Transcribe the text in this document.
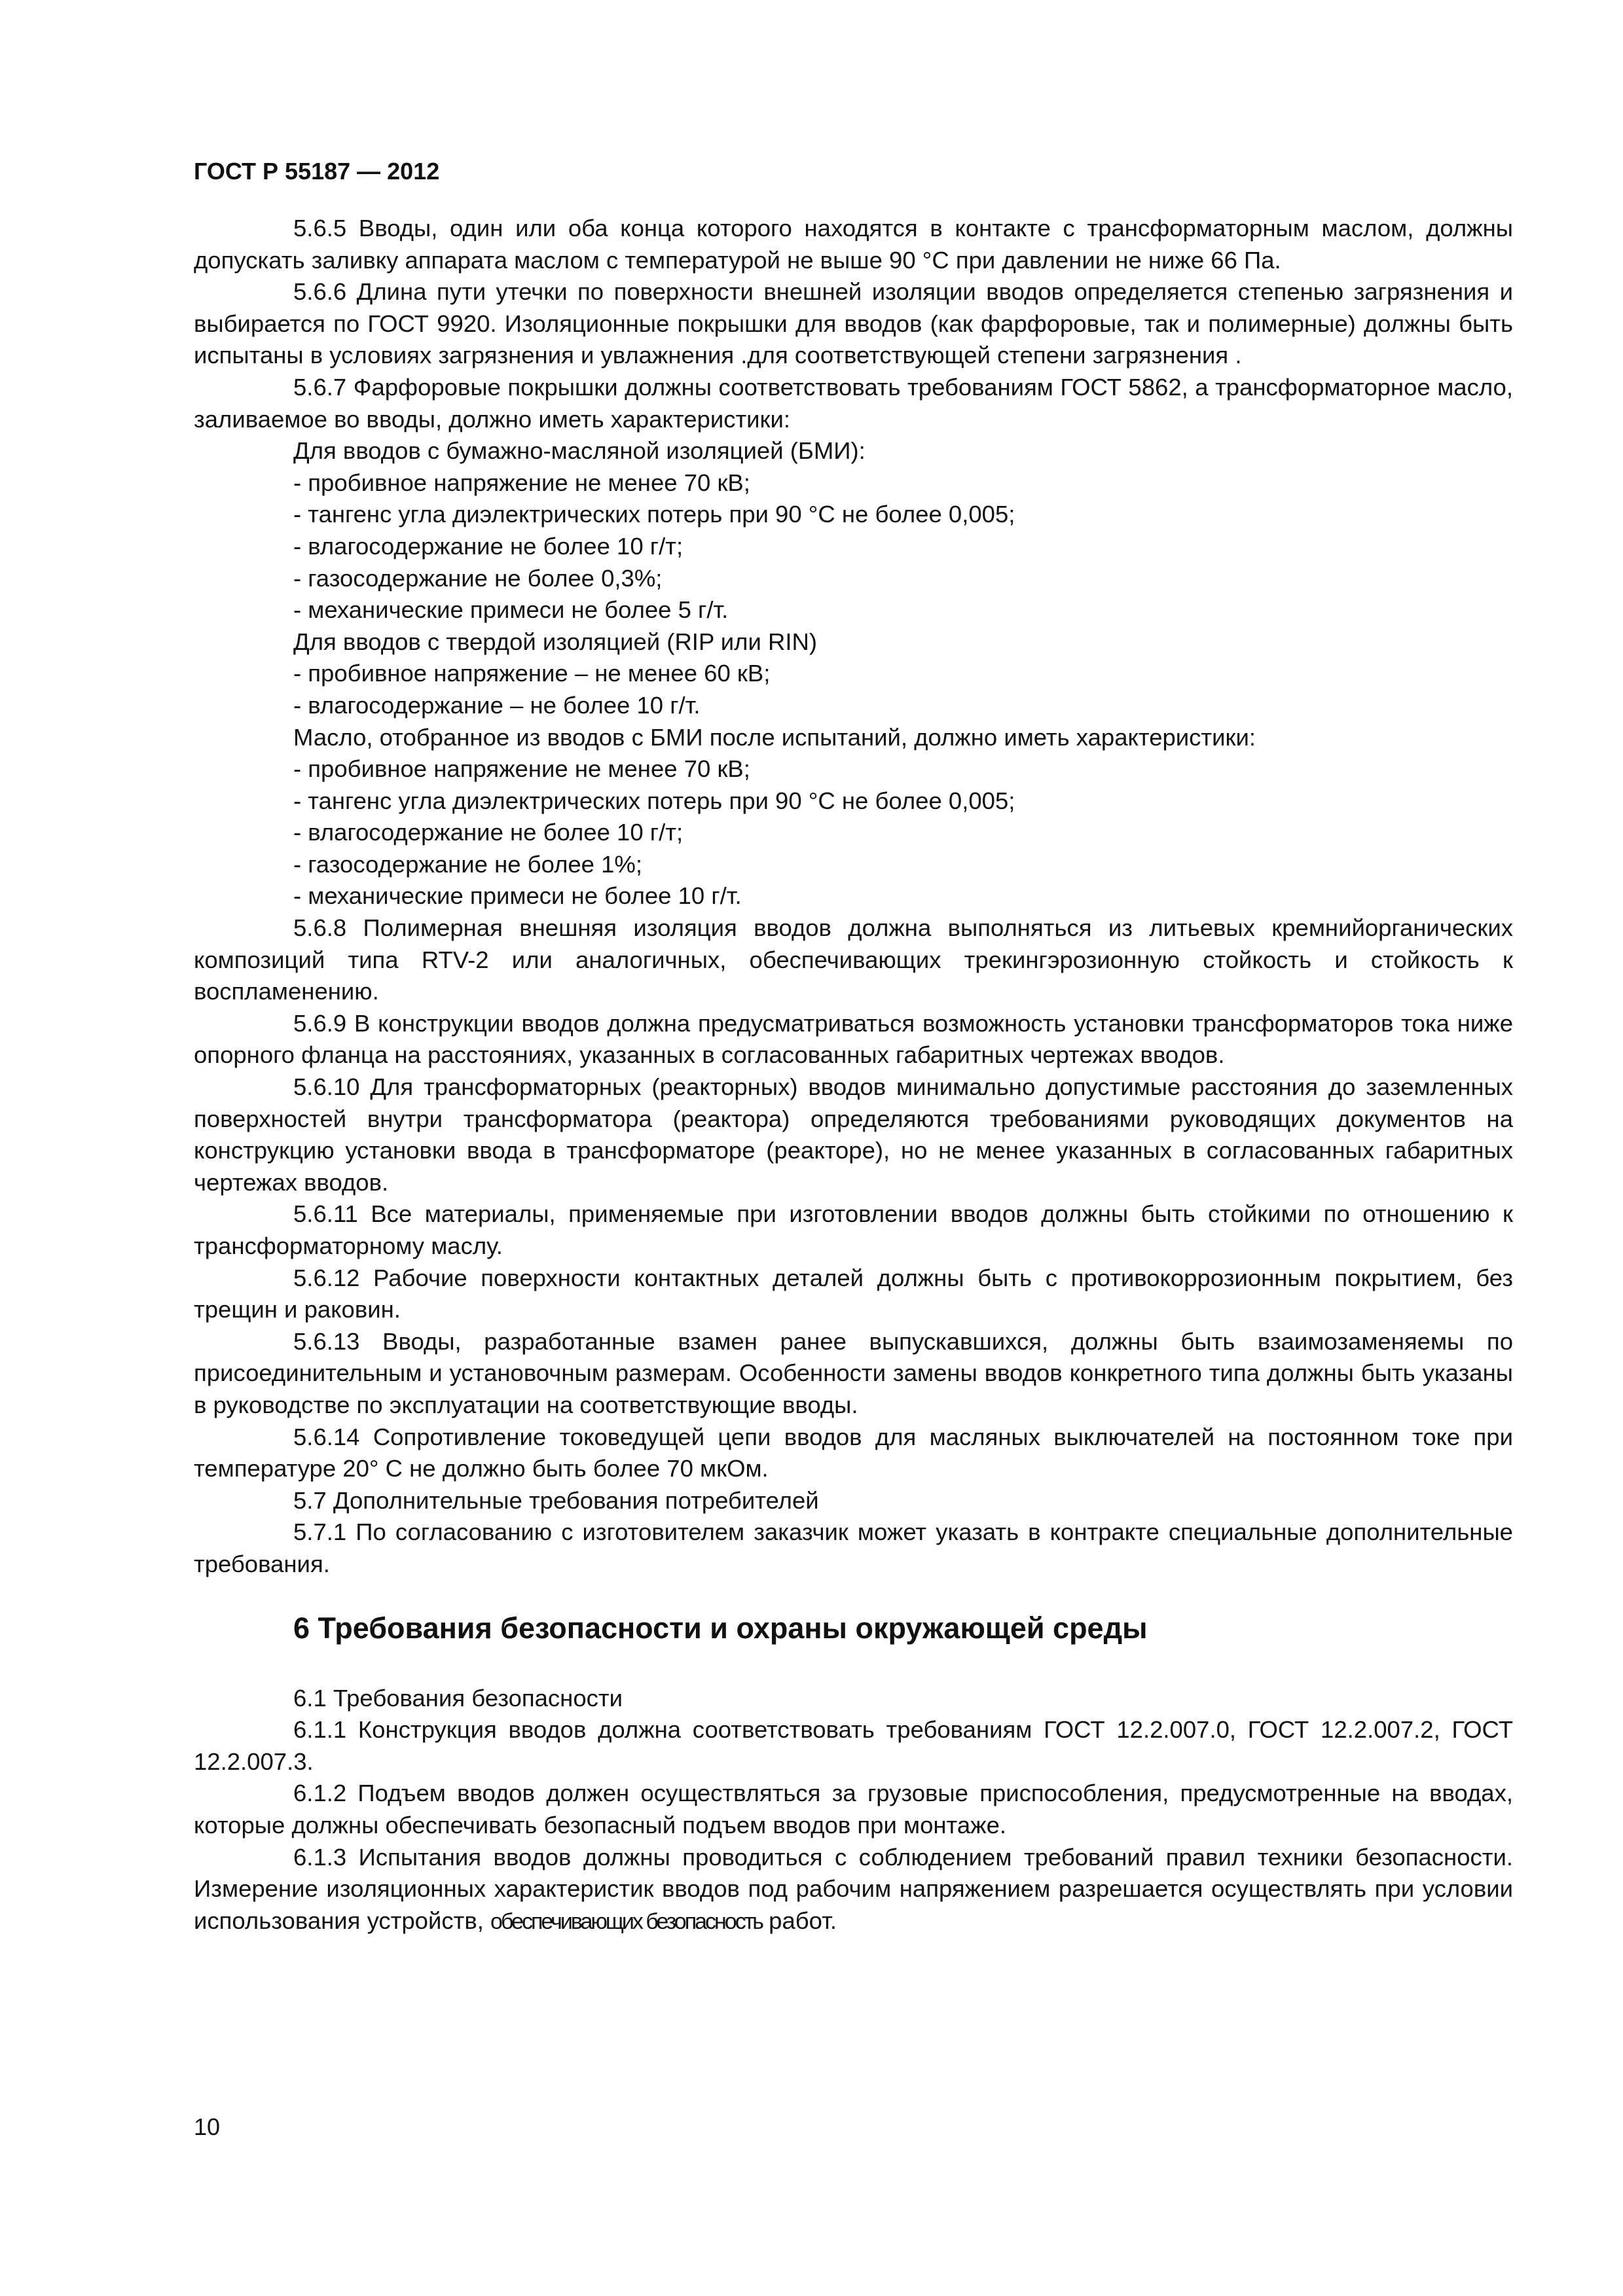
ГОСТ Р 55187 — 2012

5.6.5 Вводы, один или оба конца которого находятся в контакте с трансформаторным маслом, должны допускать заливку аппарата маслом с температурой не выше 90 °С при давлении не ниже 66 Па.

5.6.6 Длина пути утечки по поверхности внешней изоляции вводов определяется степенью загрязнения и выбирается по ГОСТ 9920. Изоляционные покрышки для вводов (как фарфоровые, так и полимерные) должны быть испытаны в условиях загрязнения и увлажнения .для соответствующей степени загрязнения .

5.6.7 Фарфоровые покрышки должны соответствовать требованиям ГОСТ 5862, а трансформаторное масло, заливаемое во вводы, должно иметь характеристики:

Для вводов с бумажно-масляной изоляцией (БМИ):

- пробивное напряжение не менее 70 кВ;

- тангенс угла диэлектрических потерь при 90 °С не более 0,005;

- влагосодержание не более 10 г/т;

- газосодержание не более 0,3%;

- механические примеси не более 5 г/т.

Для вводов с твердой изоляцией (RIP или RIN)

- пробивное напряжение – не менее 60 кВ;

- влагосодержание – не более 10 г/т.

Масло, отобранное из вводов с БМИ после испытаний, должно иметь характеристики:

- пробивное напряжение не менее 70 кВ;

- тангенс угла диэлектрических потерь при 90 °С не более 0,005;

- влагосодержание не более 10 г/т;

- газосодержание не более 1%;

- механические примеси не более 10 г/т.

5.6.8 Полимерная внешняя изоляция вводов должна выполняться из литьевых кремнийорганических композиций типа RTV-2 или аналогичных, обеспечивающих трекингэрозионную стойкость и стойкость к воспламенению.

5.6.9 В конструкции вводов должна предусматриваться возможность установки трансформаторов тока ниже опорного фланца на расстояниях, указанных в согласованных габаритных чертежах вводов.

5.6.10 Для трансформаторных (реакторных) вводов минимально допустимые расстояния до заземленных поверхностей внутри трансформатора (реактора) определяются требованиями руководящих документов на конструкцию установки ввода в трансформаторе (реакторе), но не менее указанных в согласованных габаритных чертежах вводов.

5.6.11 Все материалы, применяемые при изготовлении вводов должны быть стойкими по отношению к трансформаторному маслу.

5.6.12 Рабочие поверхности контактных деталей должны быть с противокоррозионным покрытием, без трещин и раковин.

5.6.13 Вводы, разработанные взамен ранее выпускавшихся, должны быть взаимозаменяемы по присоединительным и установочным размерам. Особенности замены вводов конкретного типа должны быть указаны в руководстве по эксплуатации на соответствующие вводы.

5.6.14 Сопротивление токоведущей цепи вводов для масляных выключателей на постоянном токе при температуре 20° С не должно быть более 70 мкОм.

5.7 Дополнительные требования потребителей

5.7.1 По согласованию с изготовителем заказчик может указать в контракте специальные дополнительные требования.

6 Требования безопасности и охраны окружающей среды

6.1 Требования безопасности

6.1.1 Конструкция вводов должна соответствовать требованиям ГОСТ 12.2.007.0, ГОСТ 12.2.007.2, ГОСТ 12.2.007.3.

6.1.2 Подъем вводов должен осуществляться за грузовые приспособления, предусмотренные на вводах, которые должны обеспечивать безопасный подъем вводов при монтаже.

6.1.3 Испытания вводов должны проводиться с соблюдением требований правил техники безопасности. Измерение изоляционных характеристик вводов под рабочим напряжением разрешается осуществлять при условии использования устройств, обеспечивающих безопасность работ.

10
